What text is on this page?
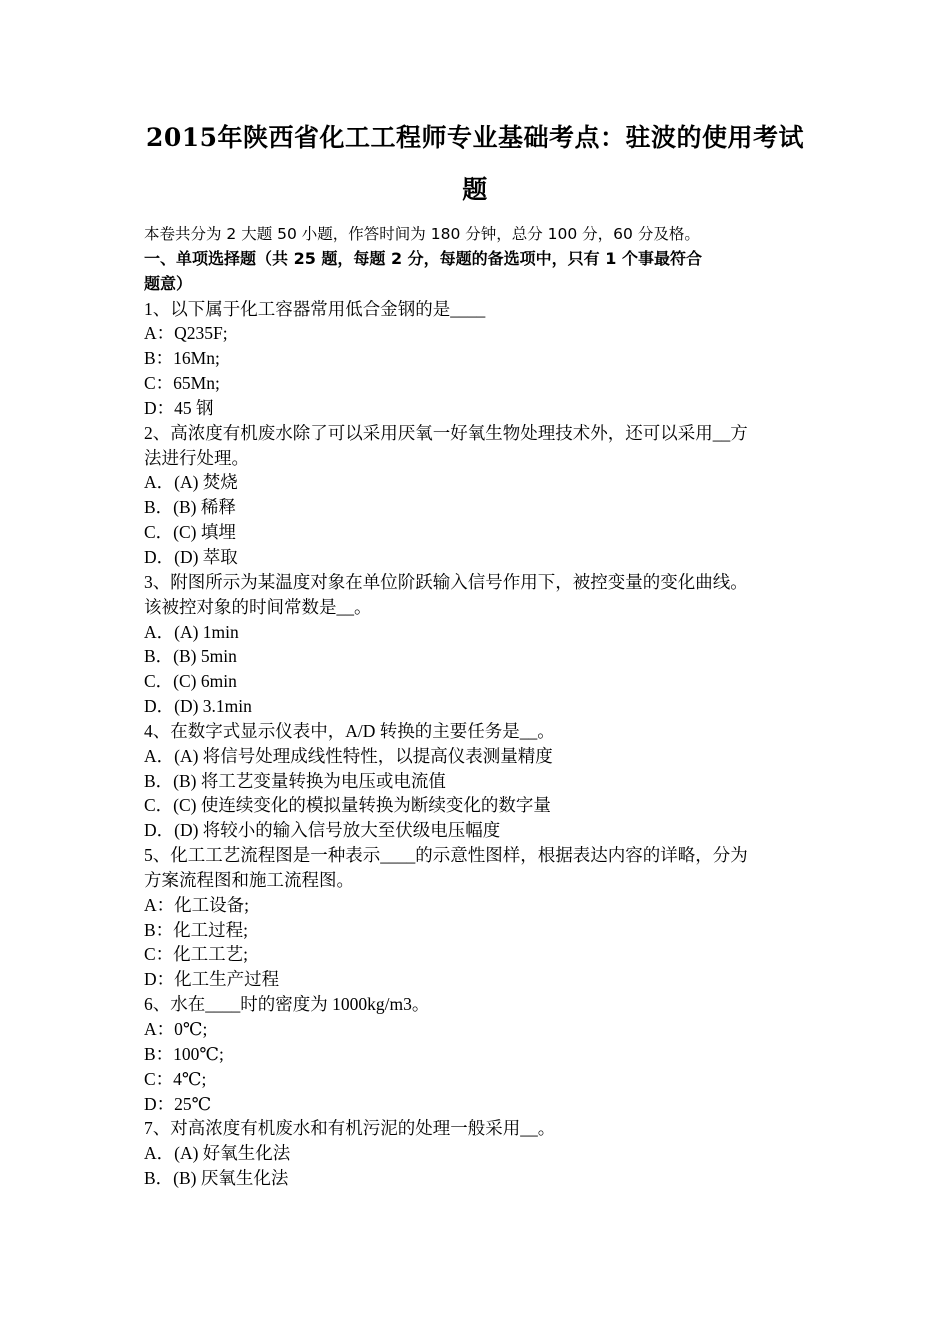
2015年陕西省化工工程师专业基础考点：驻波的使用考试
题
本卷共分为 2 大题 50 小题，作答时间为 180 分钟，总分 100 分，60 分及格。
一、单项选择题（共 25 题，每题 2 分，每题的备选项中，只有 1 个事最符合
题意）
1、以下属于化工容器常用低合金钢的是____
A：Q235F;
B：16Mn;
C：65Mn;
D：45 钢
2、高浓度有机废水除了可以采用厌氧一好氧生物处理技术外，还可以采用__方
法进行处理。
A．(A) 焚烧
B．(B) 稀释
C．(C) 填埋
D．(D) 萃取
3、附图所示为某温度对象在单位阶跃输入信号作用下，被控变量的变化曲线。
该被控对象的时间常数是__。
A．(A) 1min
B．(B) 5min
C．(C) 6min
D．(D) 3.1min
4、在数字式显示仪表中，A/D 转换的主要任务是__。
A．(A) 将信号处理成线性特性，以提高仪表测量精度
B．(B) 将工艺变量转换为电压或电流值
C．(C) 使连续变化的模拟量转换为断续变化的数字量
D．(D) 将较小的输入信号放大至伏级电压幅度
5、化工工艺流程图是一种表示____的示意性图样，根据表达内容的详略，分为
方案流程图和施工流程图。
A：化工设备;
B：化工过程;
C：化工工艺;
D：化工生产过程
6、水在____时的密度为 1000kg/m3。
A：0℃;
B：100℃;
C：4℃;
D：25℃
7、对高浓度有机废水和有机污泥的处理一般采用__。
A．(A) 好氧生化法
B．(B) 厌氧生化法
